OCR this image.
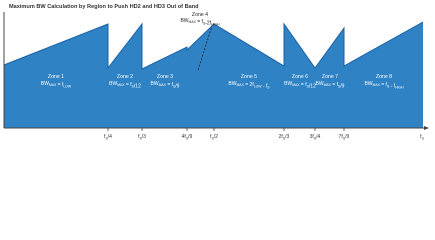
Maximum BW Calculation by Region to Push HD2 and HD3 Out of Band
$f_S/4$	$f_S/3$	$4f_S/9$	$f_S/2$	$2f_S/3$	$3f_S/4$	$7f_S/9$	$f_S$
Zone 1
$BW_{MAX} = f_{LOW}$
Zone 2
$BW_{MAX} = f_S/12$
Zone 3
$BW_{MAX} = f_S/9$
Zone 4
$BW_{MAX} = f_S-2f_{HIGH}$
Zone 5
$BW_{MAX} = 2f_{LOW} - f_S$
Zone 6
$BW_{MAX} = f_S/12$
Zone 7
$BW_{MAX} = f_S/9$
Zone 8
$BW_{MAX} = f_S - f_{HIGH}$
